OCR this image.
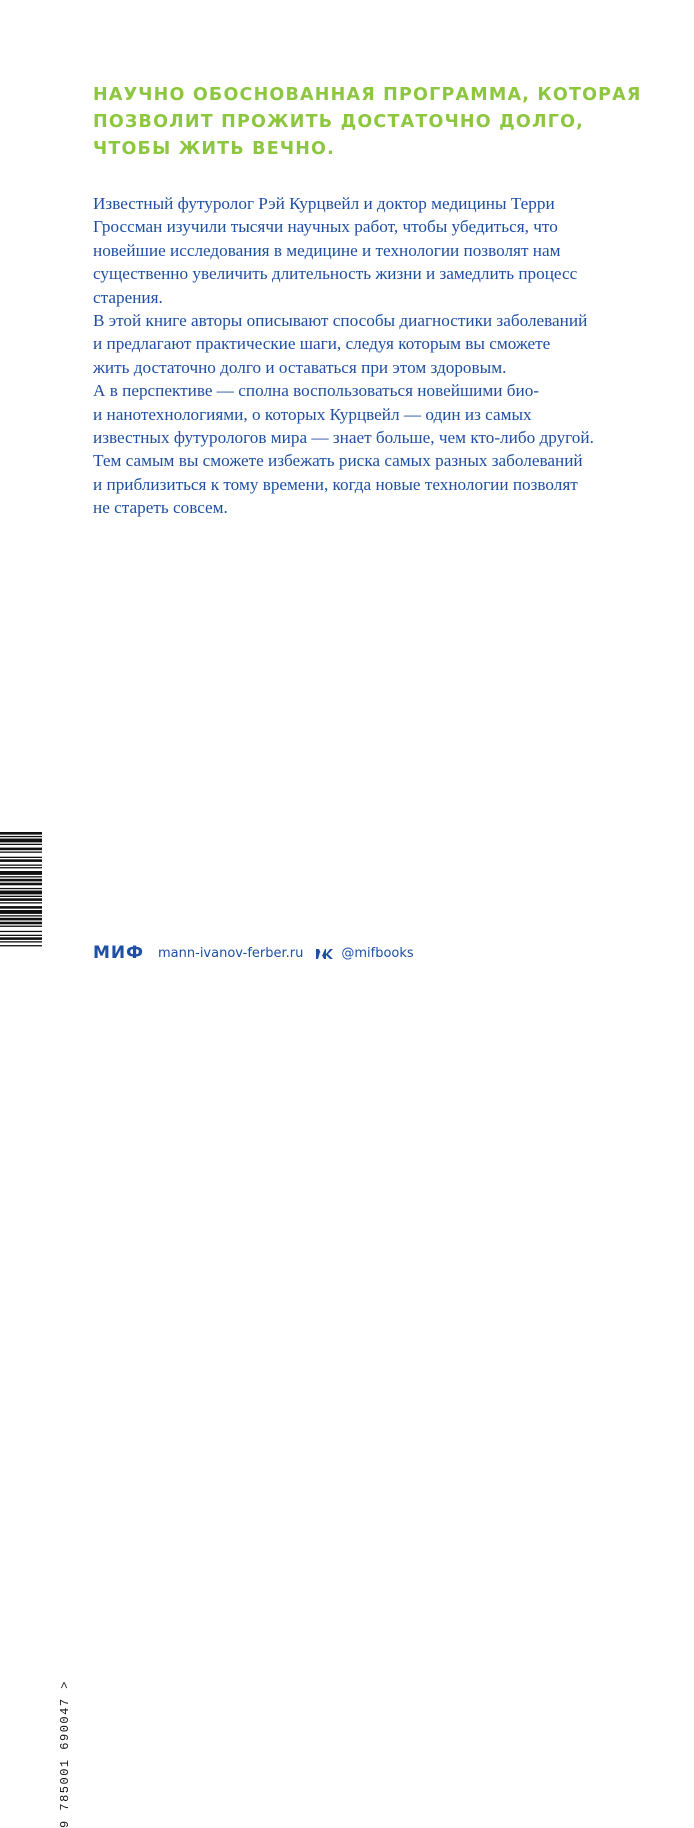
НАУЧНО ОБОСНОВАННАЯ ПРОГРАММА, КОТОРАЯ
ПОЗВОЛИТ ПРОЖИТЬ ДОСТАТОЧНО ДОЛГО,
ЧТОБЫ ЖИТЬ ВЕЧНО.
Известный футуролог Рэй Курцвейл и доктор медицины Терри
Гроссман изучили тысячи научных работ, чтобы убедиться, что
новейшие исследования в медицине и технологии позволят нам
существенно увеличить длительность жизни и замедлить процесс
старения.
В этой книге авторы описывают способы диагностики заболеваний
и предлагают практические шаги, следуя которым вы сможете
жить достаточно долго и оставаться при этом здоровым.
А в перспективе — сполна воспользоваться новейшими био-
и нанотехнологиями, о которых Курцвейл — один из самых
известных футурологов мира — знает больше, чем кто-либо другой.
Тем самым вы сможете избежать риска самых разных заболеваний
и приблизиться к тому времени, когда новые технологии позволят
не стареть совсем.
9 785001 690047 >
МИФ mann-ivanov-ferber.ru	@mifbooks
